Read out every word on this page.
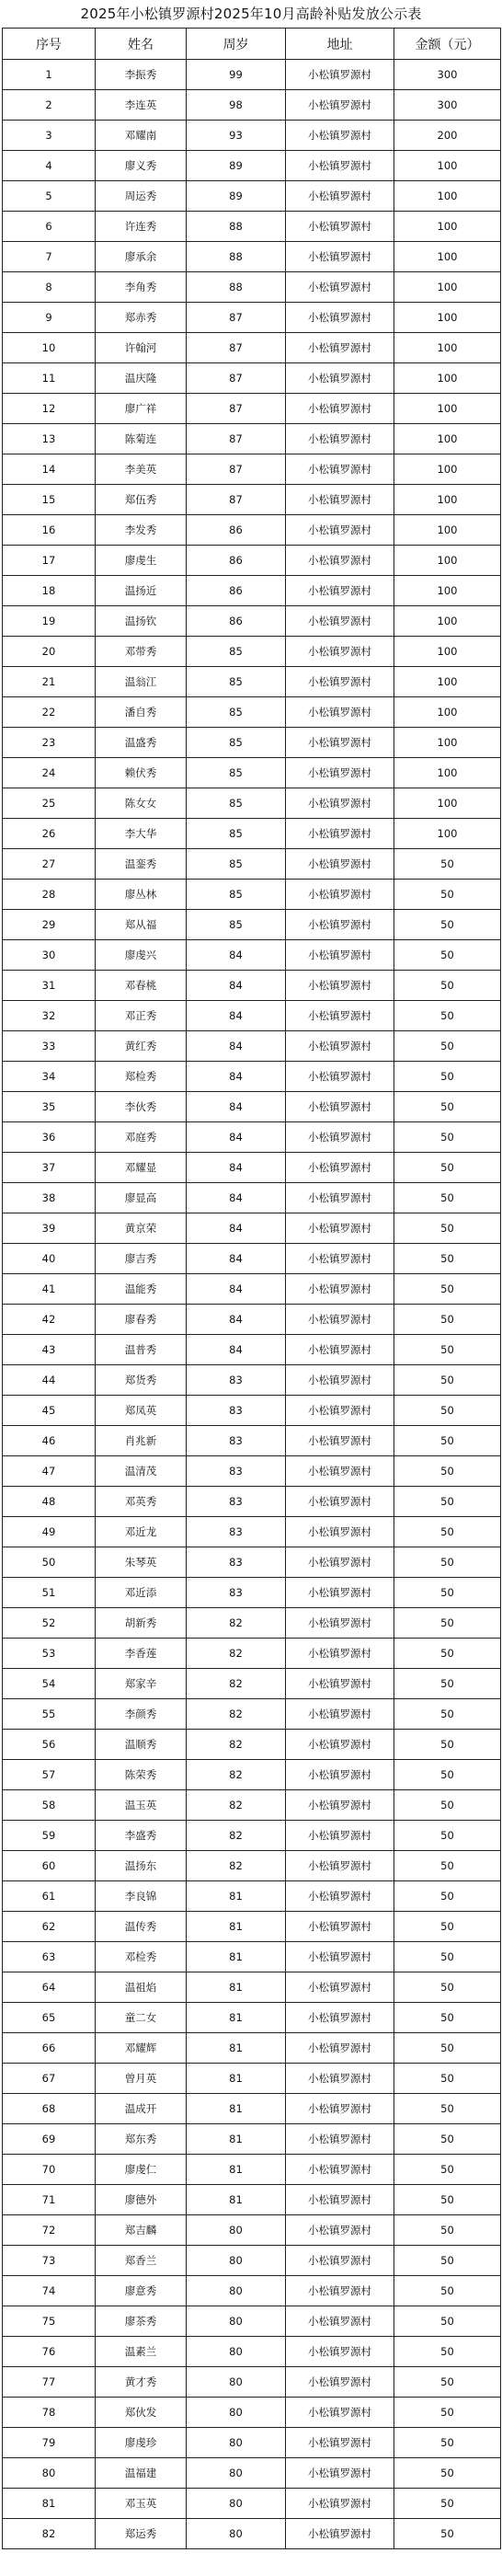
2025年小松镇罗源村2025年10月高龄补贴发放公示表
序号	姓名	周岁	地址	金额（元）
1	李振秀	99	小松镇罗源村	300
2	李连英	98	小松镇罗源村	300
3	邓耀南	93	小松镇罗源村	200
4	廖义秀	89	小松镇罗源村	100
5	周运秀	89	小松镇罗源村	100
6	许连秀	88	小松镇罗源村	100
7	廖承余	88	小松镇罗源村	100
8	李角秀	88	小松镇罗源村	100
9	郑赤秀	87	小松镇罗源村	100
10	许翰河	87	小松镇罗源村	100
11	温庆隆	87	小松镇罗源村	100
12	廖广祥	87	小松镇罗源村	100
13	陈菊连	87	小松镇罗源村	100
14	李美英	87	小松镇罗源村	100
15	郑伍秀	87	小松镇罗源村	100
16	李发秀	86	小松镇罗源村	100
17	廖虔生	86	小松镇罗源村	100
18	温扬近	86	小松镇罗源村	100
19	温扬钦	86	小松镇罗源村	100
20	邓带秀	85	小松镇罗源村	100
21	温翁江	85	小松镇罗源村	100
22	潘自秀	85	小松镇罗源村	100
23	温盛秀	85	小松镇罗源村	100
24	赖伏秀	85	小松镇罗源村	100
25	陈女女	85	小松镇罗源村	100
26	李大华	85	小松镇罗源村	100
27	温銮秀	85	小松镇罗源村	50
28	廖丛林	85	小松镇罗源村	50
29	郑从福	85	小松镇罗源村	50
30	廖虔兴	84	小松镇罗源村	50
31	邓春桃	84	小松镇罗源村	50
32	邓正秀	84	小松镇罗源村	50
33	黄红秀	84	小松镇罗源村	50
34	郑检秀	84	小松镇罗源村	50
35	李伙秀	84	小松镇罗源村	50
36	邓庭秀	84	小松镇罗源村	50
37	邓耀显	84	小松镇罗源村	50
38	廖显高	84	小松镇罗源村	50
39	黄京荣	84	小松镇罗源村	50
40	廖吉秀	84	小松镇罗源村	50
41	温能秀	84	小松镇罗源村	50
42	廖春秀	84	小松镇罗源村	50
43	温普秀	84	小松镇罗源村	50
44	郑货秀	83	小松镇罗源村	50
45	郑凤英	83	小松镇罗源村	50
46	肖兆新	83	小松镇罗源村	50
47	温清茂	83	小松镇罗源村	50
48	邓英秀	83	小松镇罗源村	50
49	邓近龙	83	小松镇罗源村	50
50	朱琴英	83	小松镇罗源村	50
51	邓近添	83	小松镇罗源村	50
52	胡新秀	82	小松镇罗源村	50
53	李香莲	82	小松镇罗源村	50
54	郑家辛	82	小松镇罗源村	50
55	李颜秀	82	小松镇罗源村	50
56	温顺秀	82	小松镇罗源村	50
57	陈荣秀	82	小松镇罗源村	50
58	温玉英	82	小松镇罗源村	50
59	李盛秀	82	小松镇罗源村	50
60	温扬东	82	小松镇罗源村	50
61	李良锦	81	小松镇罗源村	50
62	温传秀	81	小松镇罗源村	50
63	邓检秀	81	小松镇罗源村	50
64	温祖焰	81	小松镇罗源村	50
65	童二女	81	小松镇罗源村	50
66	邓耀辉	81	小松镇罗源村	50
67	曾月英	81	小松镇罗源村	50
68	温成开	81	小松镇罗源村	50
69	郑东秀	81	小松镇罗源村	50
70	廖虔仁	81	小松镇罗源村	50
71	廖德外	81	小松镇罗源村	50
72	郑吉麟	80	小松镇罗源村	50
73	郑香兰	80	小松镇罗源村	50
74	廖意秀	80	小松镇罗源村	50
75	廖茶秀	80	小松镇罗源村	50
76	温素兰	80	小松镇罗源村	50
77	黄才秀	80	小松镇罗源村	50
78	郑伙发	80	小松镇罗源村	50
79	廖虔珍	80	小松镇罗源村	50
80	温福建	80	小松镇罗源村	50
81	邓玉英	80	小松镇罗源村	50
82	郑运秀	80	小松镇罗源村	50
